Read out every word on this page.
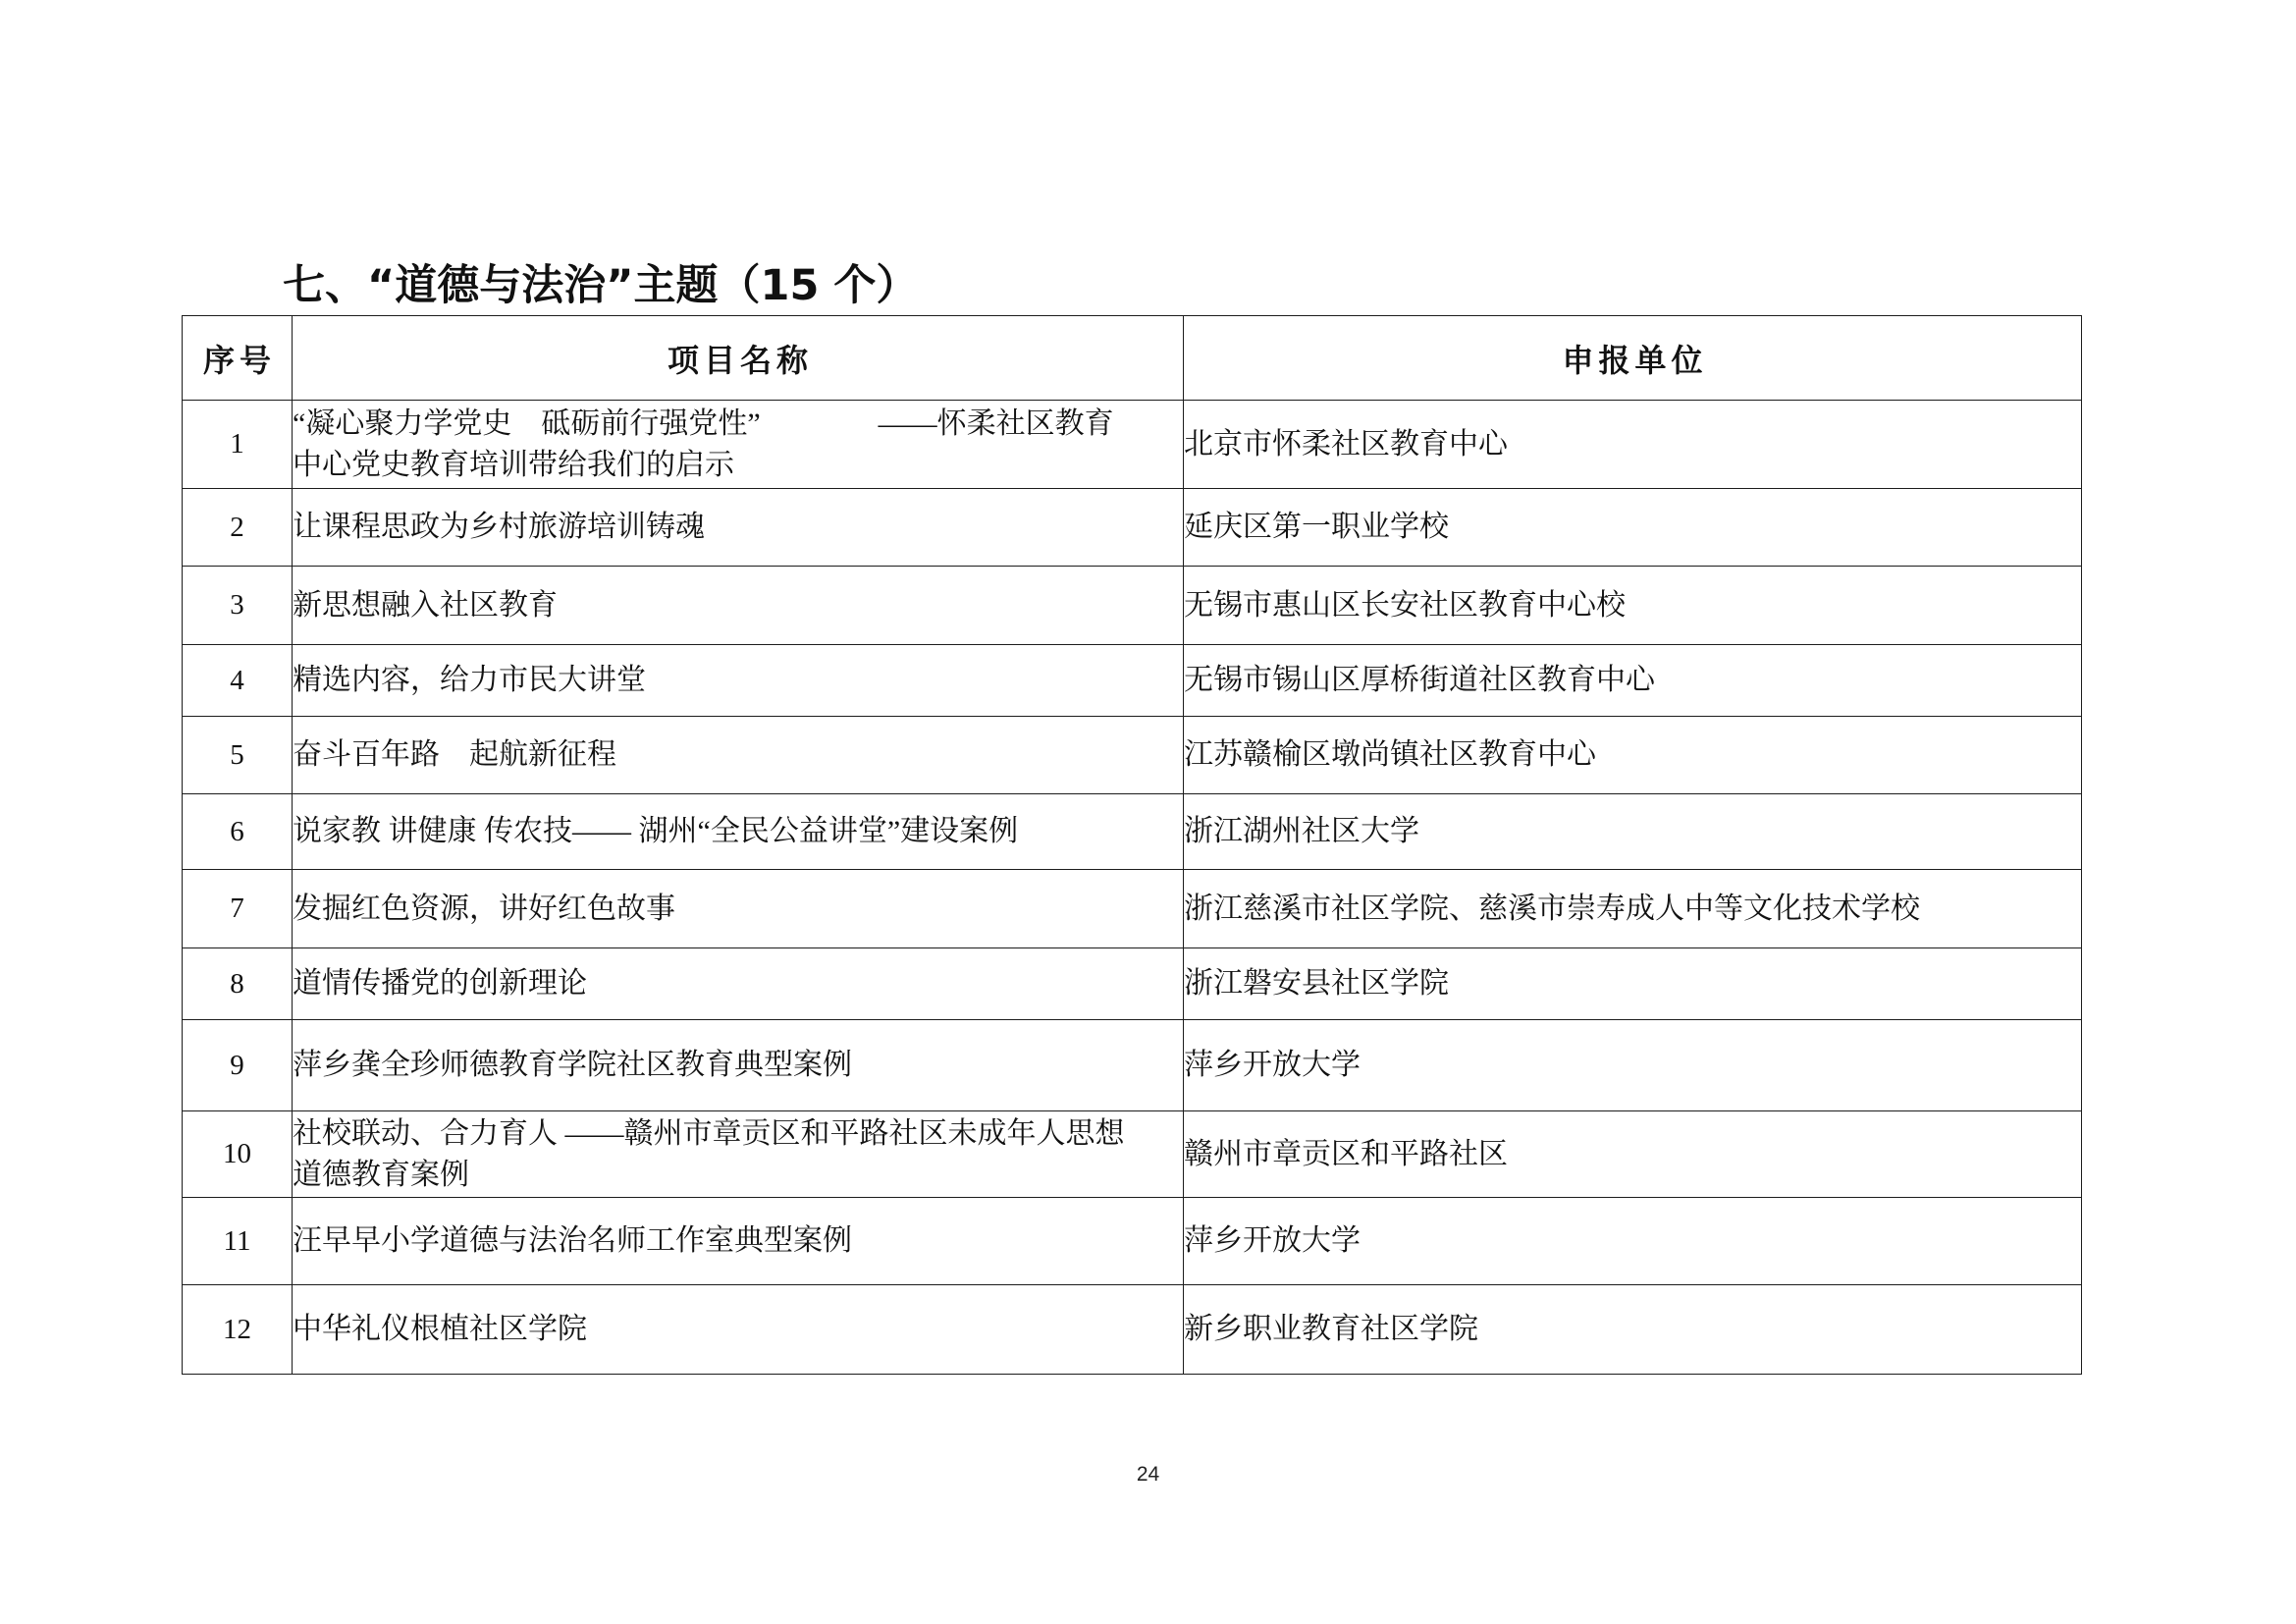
七、“道德与法治”主题（15 个）
序号	项目名称	申报单位
1	“凝心聚力学党史　砥砺前行强党性”　　　　——怀柔社区教育中心党史教育培训带给我们的启示	北京市怀柔社区教育中心
2	让课程思政为乡村旅游培训铸魂	延庆区第一职业学校
3	新思想融入社区教育	无锡市惠山区长安社区教育中心校
4	精选内容，给力市民大讲堂	无锡市锡山区厚桥街道社区教育中心
5	奋斗百年路　起航新征程	江苏赣榆区墩尚镇社区教育中心
6	说家教 讲健康 传农技—— 湖州“全民公益讲堂”建设案例	浙江湖州社区大学
7	发掘红色资源，讲好红色故事	浙江慈溪市社区学院、慈溪市崇寿成人中等文化技术学校
8	道情传播党的创新理论	浙江磐安县社区学院
9	萍乡龚全珍师德教育学院社区教育典型案例	萍乡开放大学
10	社校联动、合力育人 ——赣州市章贡区和平路社区未成年人思想道德教育案例	赣州市章贡区和平路社区
11	汪早早小学道德与法治名师工作室典型案例	萍乡开放大学
12	中华礼仪根植社区学院	新乡职业教育社区学院
24
